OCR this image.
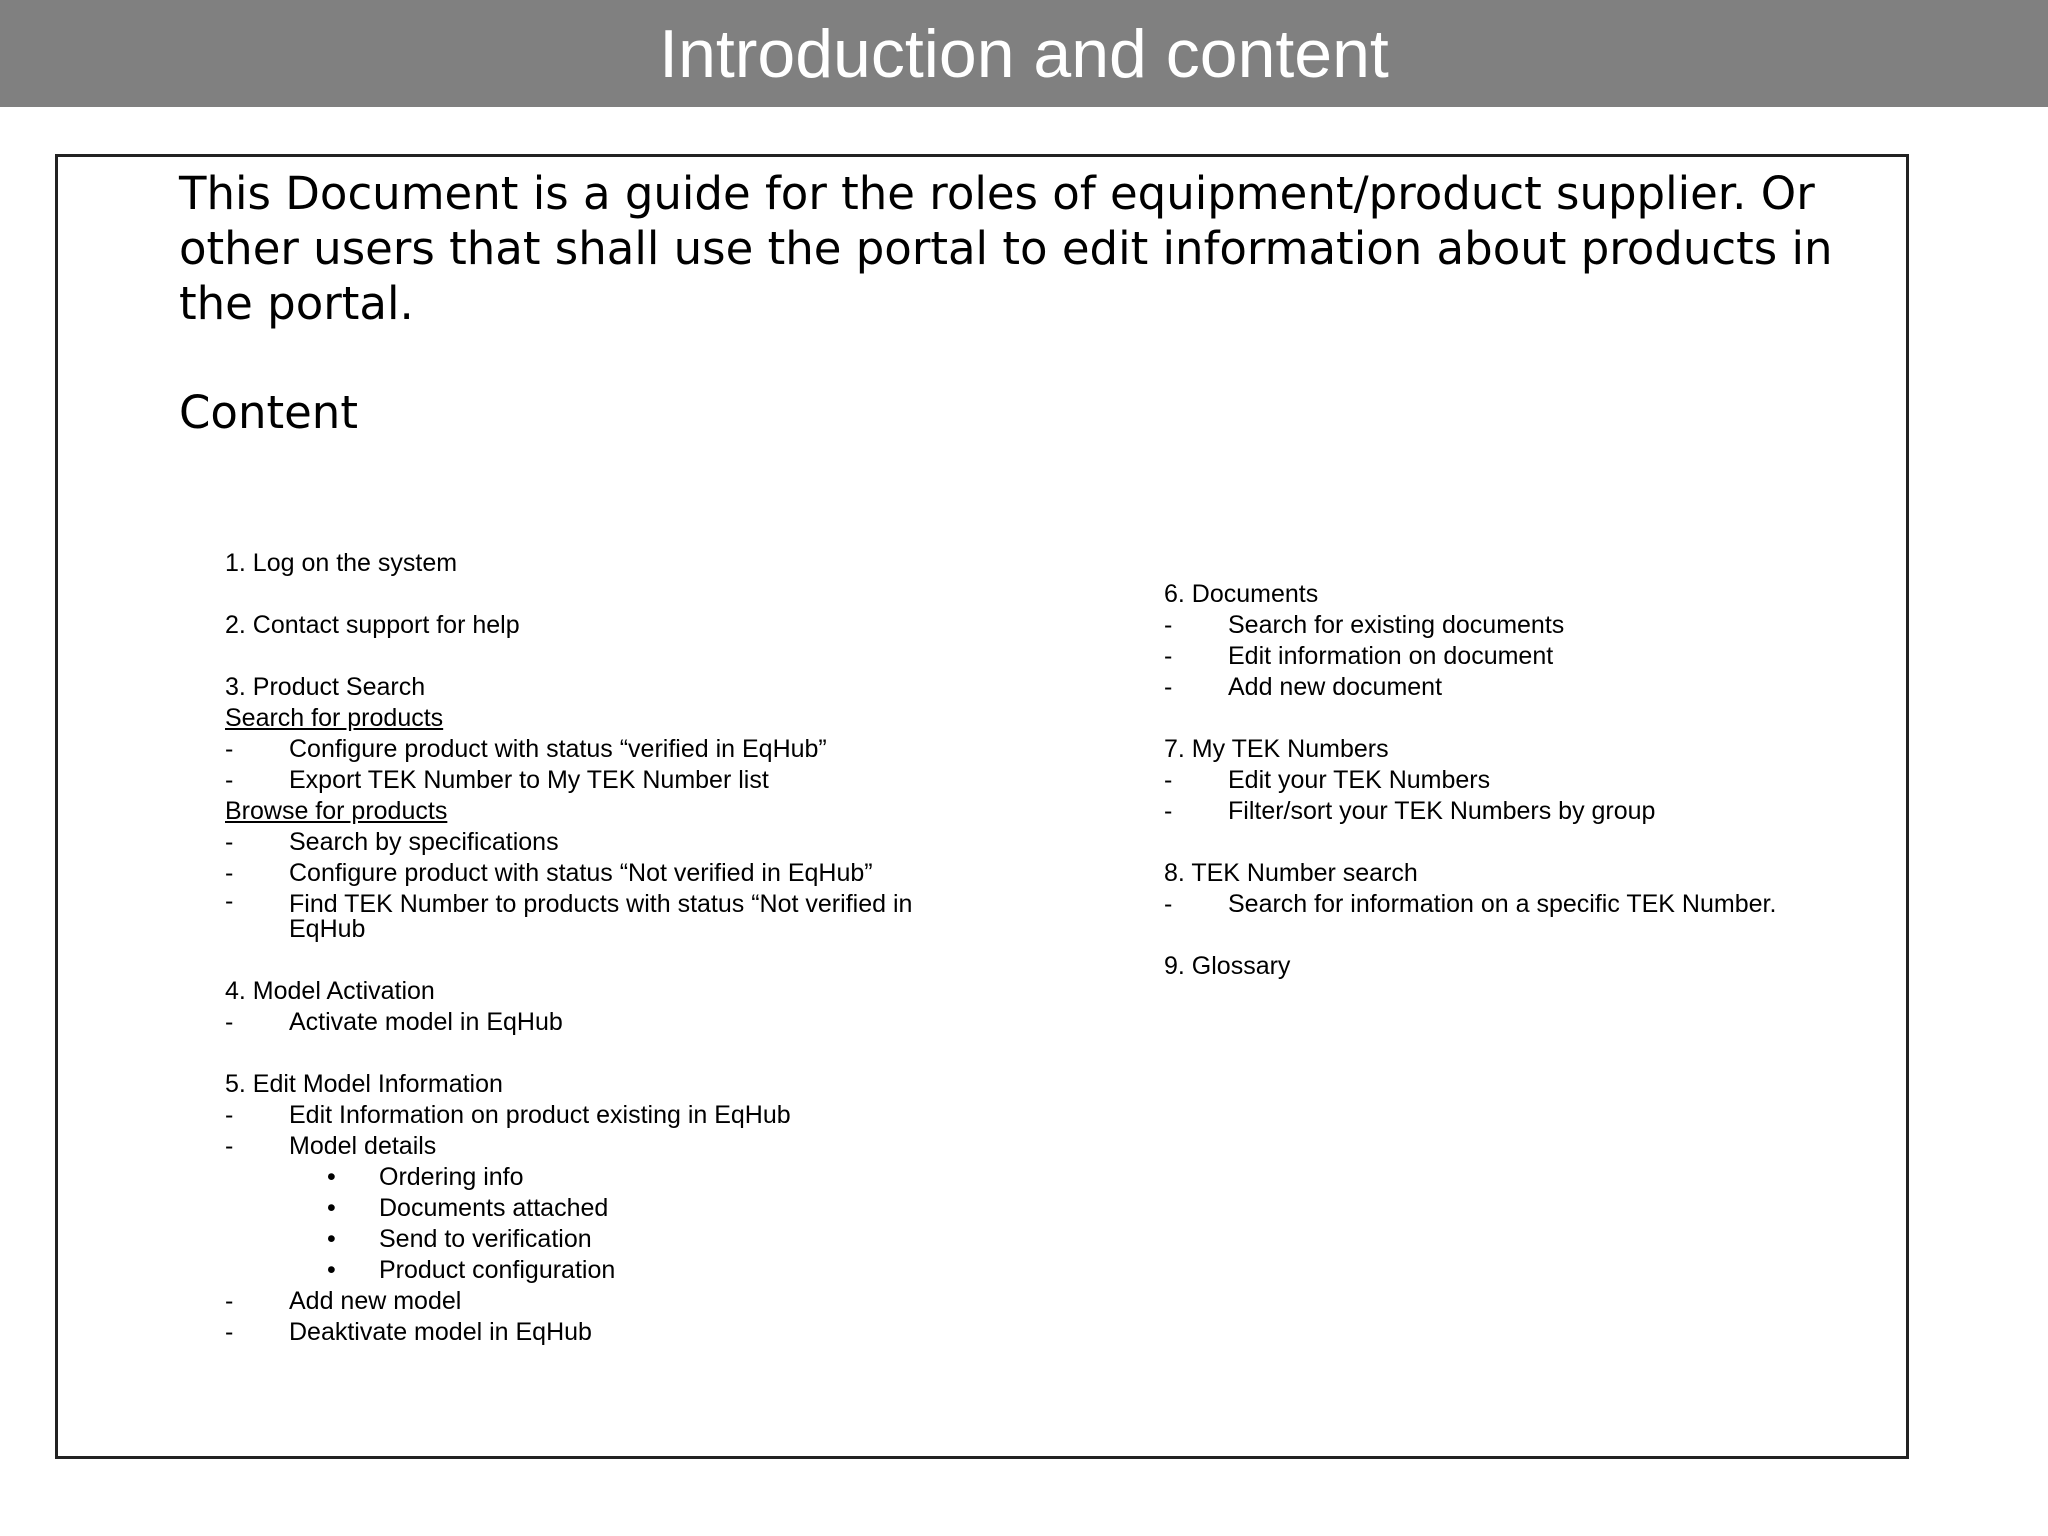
Introduction and content

This Document is a guide for the roles of equipment/product supplier. Or other users that shall use the portal to edit information about products in the portal.

Content

1. Log on the system
2. Contact support for help
3. Product Search
Search for products
- Configure product with status “verified in EqHub”
- Export TEK Number to My TEK Number list
Browse for products
- Search by specifications
- Configure product with status “Not verified in EqHub”
- Find TEK Number to products with status “Not verified in EqHub
4. Model Activation
- Activate model in EqHub
5. Edit Model Information
- Edit Information on product existing in EqHub
- Model details
• Ordering info
• Documents attached
• Send to verification
• Product configuration
- Add new model
- Deaktivate model in EqHub
6. Documents
- Search for existing documents
- Edit information on document
- Add new document
7. My TEK Numbers
- Edit your TEK Numbers
- Filter/sort your TEK Numbers by group
8. TEK Number search
- Search for information on a specific TEK Number.
9. Glossary
